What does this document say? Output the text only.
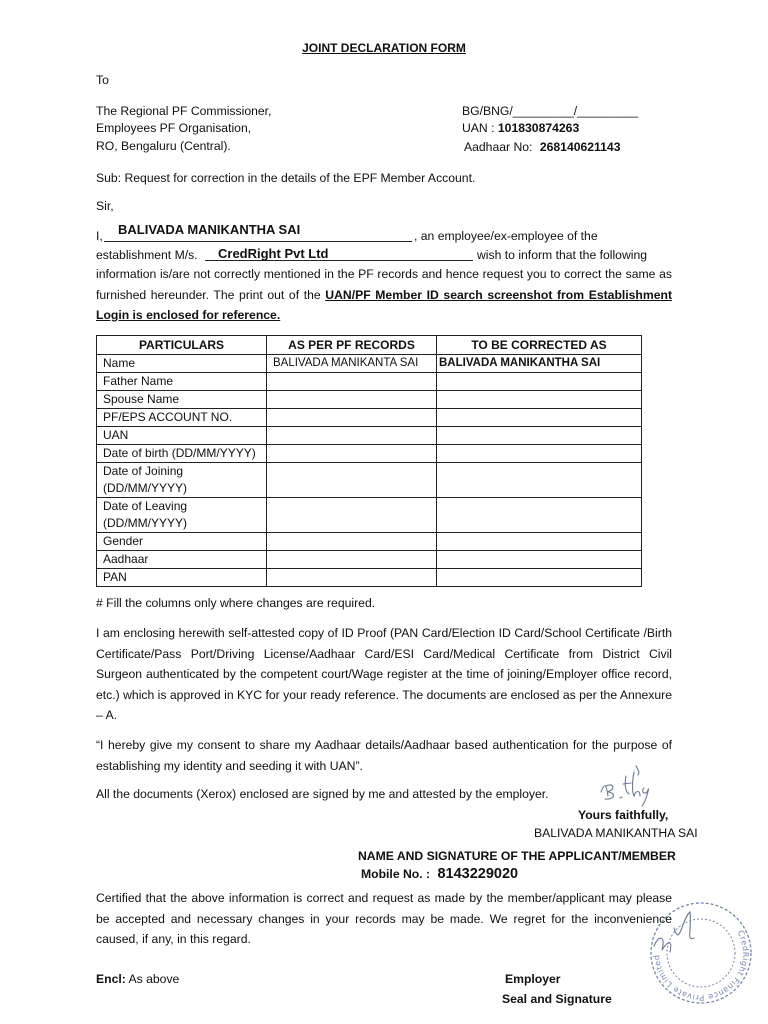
JOINT DECLARATION FORM
To
The Regional PF Commissioner,
Employees PF Organisation,
RO, Bengaluru (Central).
BG/BNG/_________/_________
UAN : 101830874263
Aadhaar No: 268140621143
Sub: Request for correction in the details of the EPF Member Account.
Sir,
I, BALIVADA MANIKANTHA SAI	, an employee/ex-employee of the
establishment M/s. CredRight Pvt Ltd	wish to inform that the following
information is/are not correctly mentioned in the PF records and hence request you to correct the same as furnished hereunder. The print out of the UAN/PF Member ID search screenshot from Establishment Login is enclosed for reference.
PARTICULARS	AS PER PF RECORDS	TO BE CORRECTED AS
Name	BALIVADA MANIKANTA SAI	BALIVADA MANIKANTHA SAI
Father Name		
Spouse Name		
PF/EPS ACCOUNT NO.		
UAN		
Date of birth (DD/MM/YYYY)		

Date of Joining
(DD/MM/YYYY)		

Date of Leaving
(DD/MM/YYYY)		

Gender		
Aadhaar		
PAN		
# Fill the columns only where changes are required.
I am enclosing herewith self-attested copy of ID Proof (PAN Card/Election ID Card/School Certificate /Birth Certificate/Pass Port/Driving License/Aadhaar Card/ESI Card/Medical Certificate from District Civil Surgeon authenticated by the competent court/Wage register at the time of joining/Employer office record, etc.) which is approved in KYC for your ready reference. The documents are enclosed as per the Annexure – A.
“I hereby give my consent to share my Aadhaar details/Aadhaar based authentication for the purpose of establishing my identity and seeding it with UAN”.
All the documents (Xerox) enclosed are signed by me and attested by the employer.
Yours faithfully,
BALIVADA MANIKANTHA SAI
NAME AND SIGNATURE OF THE APPLICANT/MEMBER
Mobile No. : 8143229020
Certified that the above information is correct and request as made by the member/applicant may please be accepted and necessary changes in your records may be made. We regret for the inconvenience caused, if any, in this regard.
Encl: As above	Employer
Seal and Signature
CredRight Finance Private Limited
